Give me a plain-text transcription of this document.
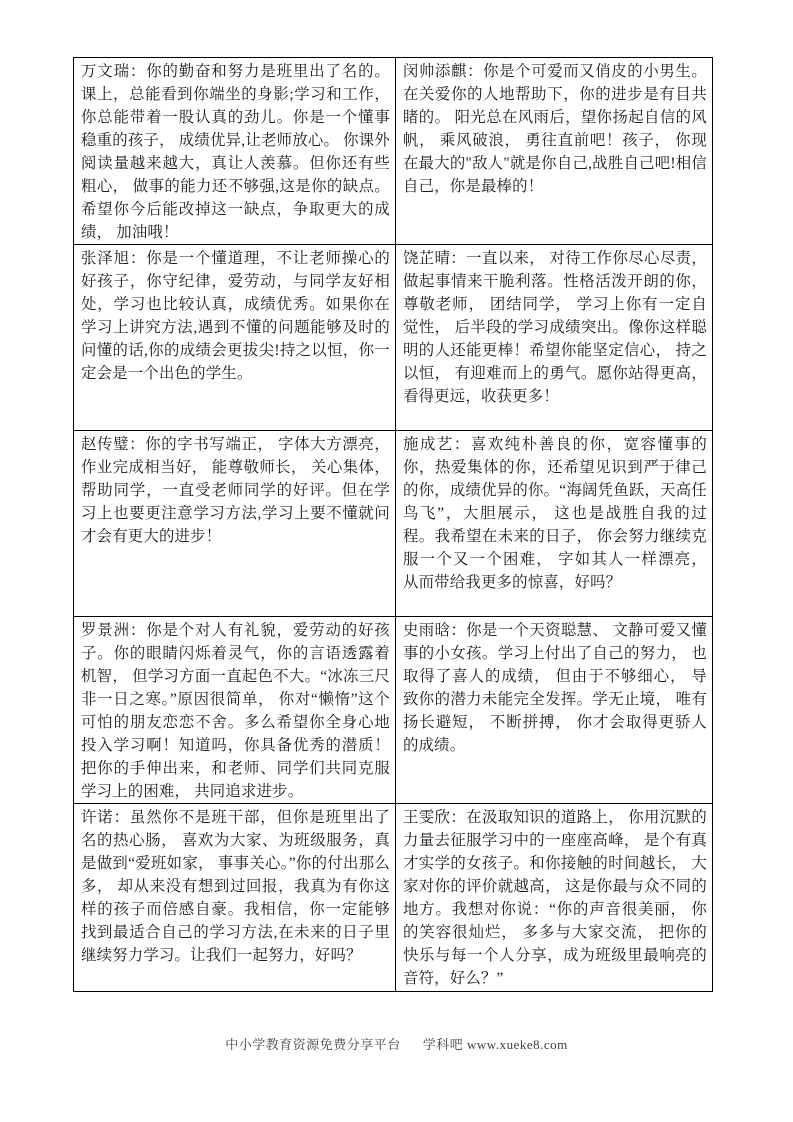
万文瑞：你的勤奋和努力是班里出了名的。课上，总能看到你端坐的身影;学习和工作，你总能带着一股认真的劲儿。你是一个懂事稳重的孩子， 成绩优异,让老师放心。 你课外阅读量越来越大，真让人羡慕。但你还有些粗心， 做事的能力还不够强,这是你的缺点。希望你今后能改掉这一缺点，争取更大的成绩， 加油哦！	闵帅添麒：你是个可爱而又俏皮的小男生。在关爱你的人地帮助下，你的进步是有目共睹的。 阳光总在风雨后，望你扬起自信的风帆， 乘风破浪， 勇往直前吧！孩子， 你现在最大的"敌人"就是你自己,战胜自己吧!相信自己，你是最棒的！

张泽旭：你是一个懂道理，不让老师操心的好孩子，你守纪律，爱劳动，与同学友好相处，学习也比较认真，成绩优秀。如果你在学习上讲究方法,遇到不懂的问题能够及时的问懂的话,你的成绩会更拔尖!持之以恒，你一定会是一个出色的学生。	饶芷晴：一直以来， 对待工作你尽心尽责，做起事情来干脆利落。性格活泼开朗的你，尊敬老师， 团结同学， 学习上你有一定自觉性， 后半段的学习成绩突出。像你这样聪明的人还能更棒！希望你能坚定信心， 持之以恒， 有迎难而上的勇气。愿你站得更高， 看得更远，收获更多！

赵传璧：你的字书写端正， 字体大方漂亮，作业完成相当好， 能尊敬师长， 关心集体，帮助同学，一直受老师同学的好评。但在学习上也要更注意学习方法,学习上要不懂就问才会有更大的进步！	施成艺：喜欢纯朴善良的你，宽容懂事的你，热爱集体的你，还希望见识到严于律己的你，成绩优异的你。“海阔凭鱼跃，天高任鸟飞”，大胆展示， 这也是战胜自我的过程。我希望在未来的日子， 你会努力继续克服一个又一个困难， 字如其人一样漂亮， 从而带给我更多的惊喜，好吗？

罗景洲：你是个对人有礼貌，爱劳动的好孩子。你的眼睛闪烁着灵气，你的言语透露着机智， 但学习方面一直起色不大。“冰冻三尺非一日之寒。”原因很简单， 你对“懒惰”这个可怕的朋友恋恋不舍。多么希望你全身心地投入学习啊！知道吗，你具备优秀的潜质！把你的手伸出来，和老师、同学们共同克服学习上的困难， 共同追求进步。	史雨晗：你是一个天资聪慧、 文静可爱又懂事的小女孩。学习上付出了自己的努力， 也取得了喜人的成绩， 但由于不够细心， 导致你的潜力未能完全发挥。学无止境， 唯有扬长避短， 不断拼搏， 你才会取得更骄人的成绩。

许诺：虽然你不是班干部，但你是班里出了名的热心肠， 喜欢为大家、为班级服务，真是做到“爱班如家， 事事关心。”你的付出那么多， 却从来没有想到过回报，我真为有你这样的孩子而倍感自豪。我相信，你一定能够找到最适合自己的学习方法,在未来的日子里继续努力学习。让我们一起努力，好吗？	王雯欣：在汲取知识的道路上， 你用沉默的力量去征服学习中的一座座高峰， 是个有真才实学的女孩子。和你接触的时间越长， 大家对你的评价就越高， 这是你最与众不同的地方。我想对你说：“你的声音很美丽， 你的笑容很灿烂， 多多与大家交流， 把你的快乐与每一个人分享，成为班级里最响亮的音符，好么？”

中小学教育资源免费分享平台 学科吧 www.xueke8.com
